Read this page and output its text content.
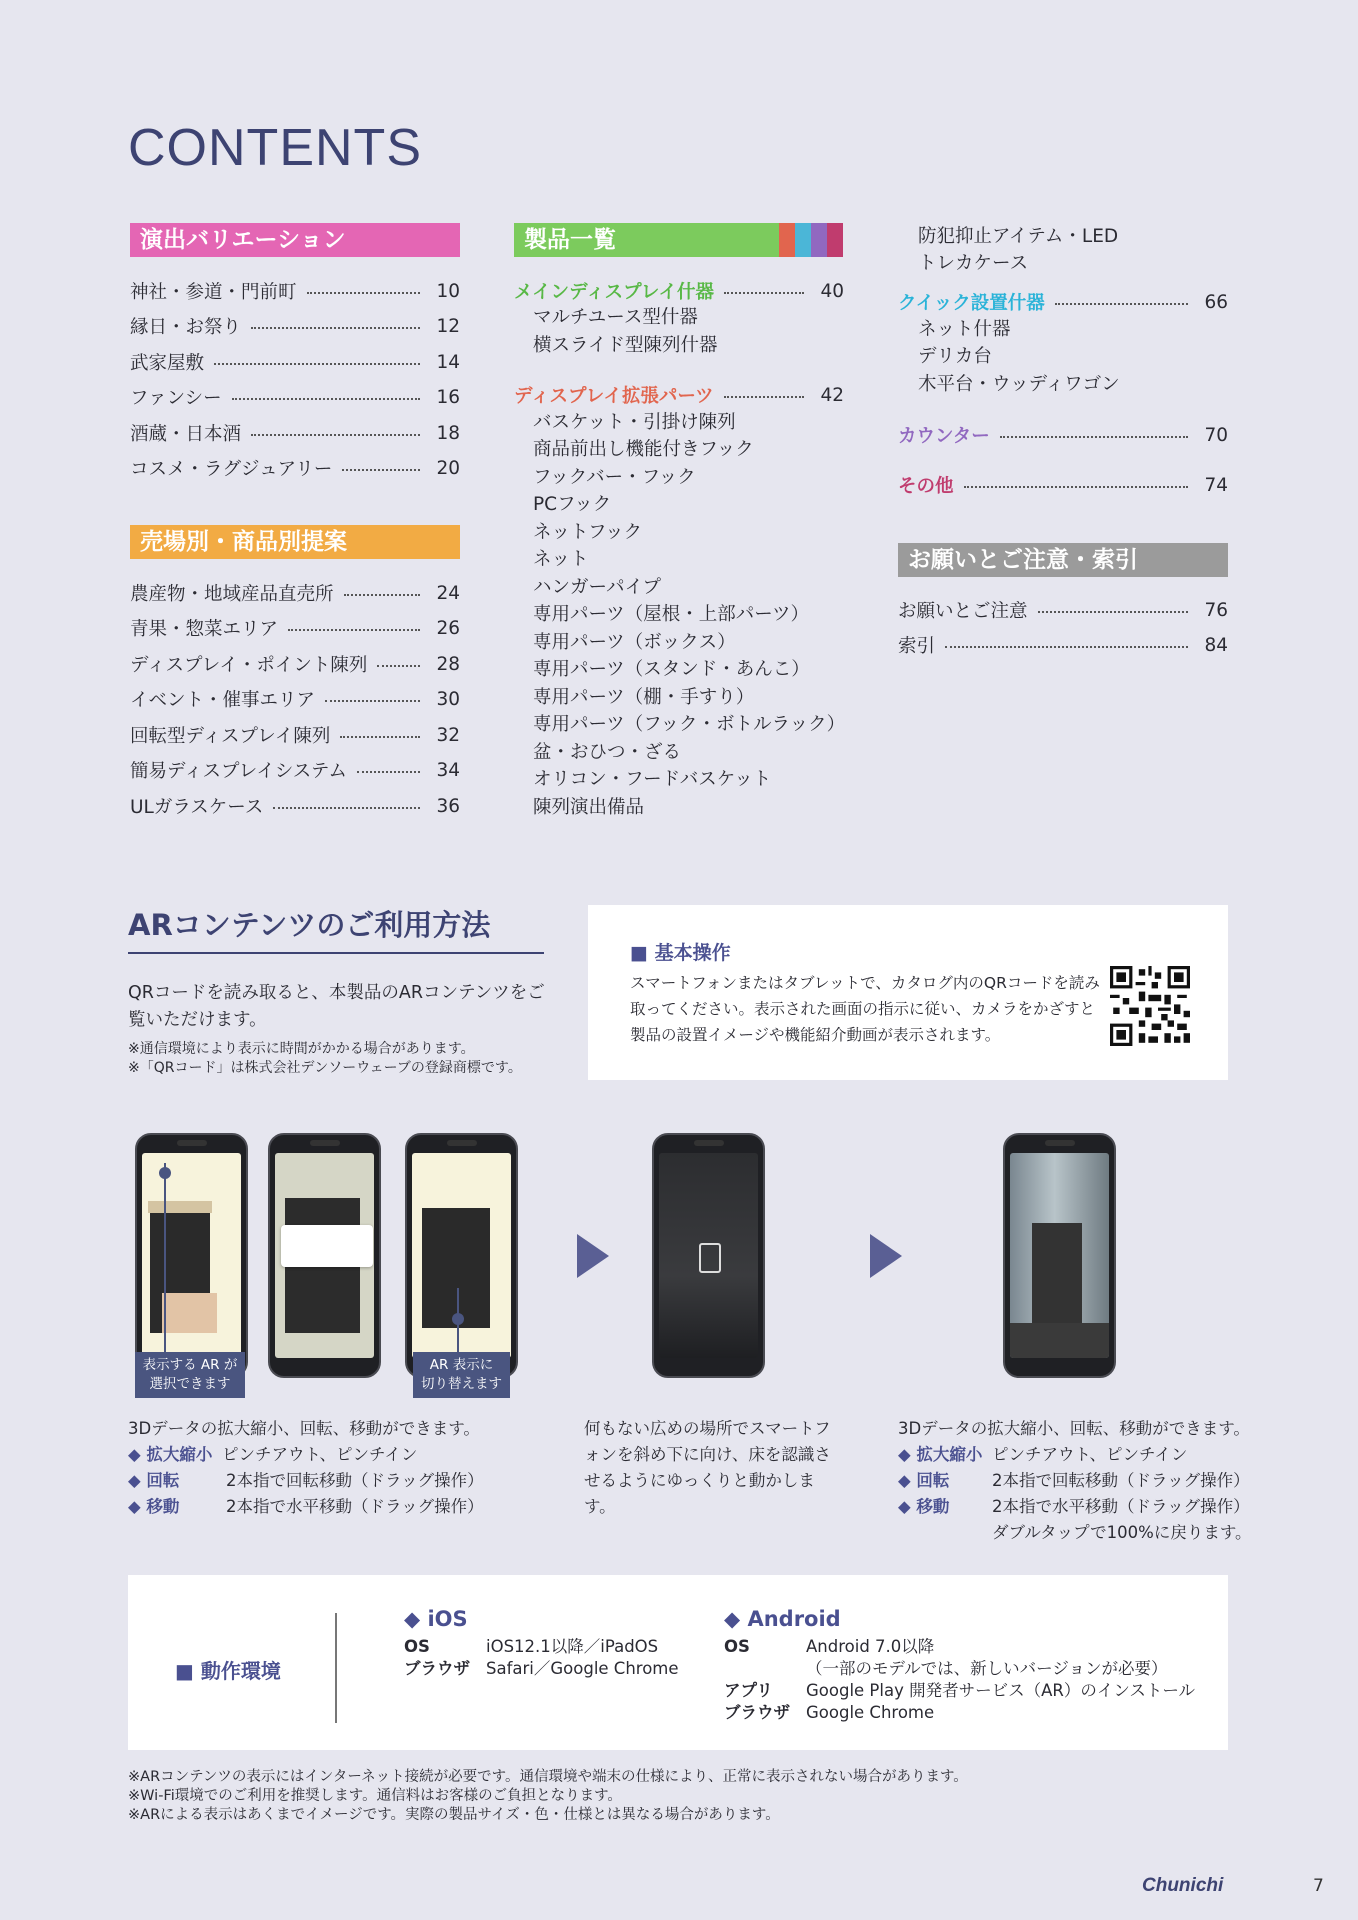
CONTENTS
演出バリエーション
神社・参道・門前町	10
縁日・お祭り	12
武家屋敷	14
ファンシー	16
酒蔵・日本酒	18
コスメ・ラグジュアリー	20
売場別・商品別提案
農産物・地域産品直売所	24
青果・惣菜エリア	26
ディスプレイ・ポイント陳列	28
イベント・催事エリア	30
回転型ディスプレイ陳列	32
簡易ディスプレイシステム	34
ULガラスケース	36
製品一覧
メインディスプレイ什器	40
マルチユース型什器
横スライド型陳列什器
ディスプレイ拡張パーツ	42
バスケット・引掛け陳列
商品前出し機能付きフック
フックバー・フック
PCフック
ネットフック
ネット
ハンガーパイプ
専用パーツ（屋根・上部パーツ）
専用パーツ（ボックス）
専用パーツ（スタンド・あんこ）
専用パーツ（棚・手すり）
専用パーツ（フック・ボトルラック）
盆・おひつ・ざる
オリコン・フードバスケット
陳列演出備品
防犯抑止アイテム・LED
トレカケース
クイック設置什器	66
ネット什器
デリカ台
木平台・ウッディワゴン
カウンター	70
その他	74
お願いとご注意・索引
お願いとご注意	76
索引	84
ARコンテンツのご利用方法
QRコードを読み取ると、本製品のARコンテンツをご覧いただけます。
※通信環境により表示に時間がかかる場合があります。
※「QRコード」は株式会社デンソーウェーブの登録商標です。
■ 基本操作
スマートフォンまたはタブレットで、カタログ内のQRコードを読み取ってください。表示された画面の指示に従い、カメラをかざすと製品の設置イメージや機能紹介動画が表示されます。
表示する AR が
選択できます
AR 表示に
切り替えます
3Dデータの拡大縮小、回転、移動ができます。
◆ 拡大縮小 ピンチアウト、ピンチイン
◆ 回転	2本指で回転移動（ドラッグ操作）
◆ 移動	2本指で水平移動（ドラッグ操作）
何もない広めの場所でスマートフォンを斜め下に向け、床を認識させるようにゆっくりと動かします。
3Dデータの拡大縮小、回転、移動ができます。
◆ 拡大縮小 ピンチアウト、ピンチイン
◆ 回転	2本指で回転移動（ドラッグ操作）
◆ 移動	2本指で水平移動（ドラッグ操作）
ダブルタップで100%に戻ります。
■ 動作環境
◆ iOS
OS	iOS12.1以降／iPadOS
ブラウザ Safari／Google Chrome
◆ Android
OS	Android 7.0以降
（一部のモデルでは、新しいバージョンが必要）
アプリ Google Play 開発者サービス（AR）のインストール
ブラウザ Google Chrome
※ARコンテンツの表示にはインターネット接続が必要です。通信環境や端末の仕様により、正常に表示されない場合があります。
※Wi-Fi環境でのご利用を推奨します。通信料はお客様のご負担となります。
※ARによる表示はあくまでイメージです。実際の製品サイズ・色・仕様とは異なる場合があります。
Chunichi	7
